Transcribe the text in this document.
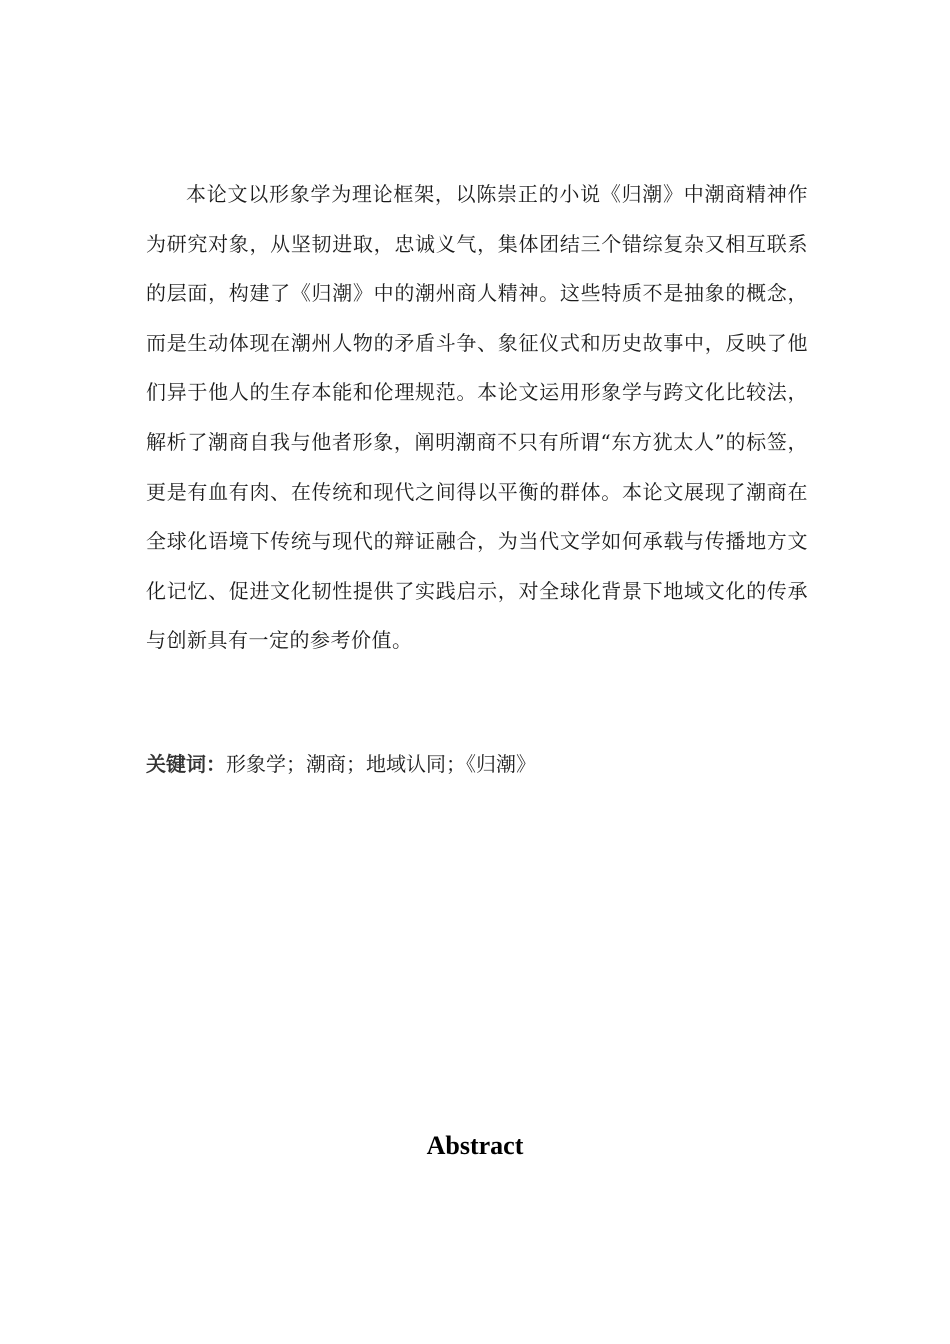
本论文以形象学为理论框架，以陈崇正的小说《归潮》中潮商精神作为研究对象，从坚韧进取，忠诚义气，集体团结三个错综复杂又相互联系的层面，构建了《归潮》中的潮州商人精神。这些特质不是抽象的概念，而是生动体现在潮州人物的矛盾斗争、象征仪式和历史故事中，反映了他们异于他人的生存本能和伦理规范。本论文运用形象学与跨文化比较法，解析了潮商自我与他者形象，阐明潮商不只有所谓“东方犹太人”的标签，更是有血有肉、在传统和现代之间得以平衡的群体。本论文展现了潮商在全球化语境下传统与现代的辩证融合，为当代文学如何承载与传播地方文化记忆、促进文化韧性提供了实践启示，对全球化背景下地域文化的传承与创新具有一定的参考价值。

关键词：形象学；潮商；地域认同；《归潮》

Abstract
